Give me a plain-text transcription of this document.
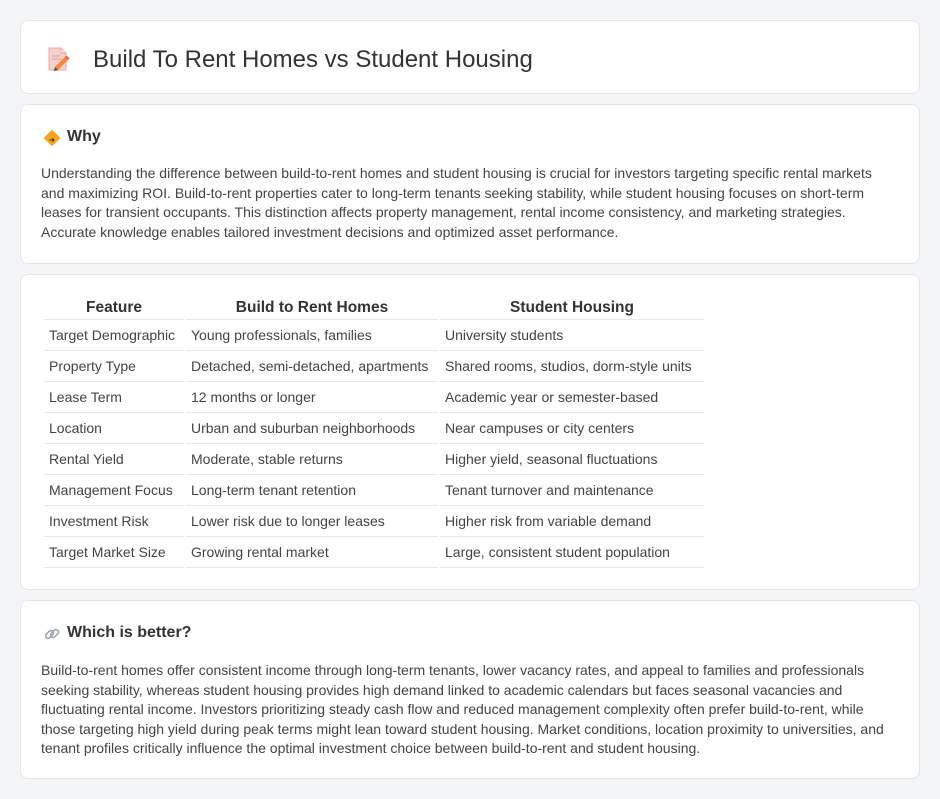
Build To Rent Homes vs Student Housing
Why

Understanding the difference between build-to-rent homes and student housing is crucial for investors targeting specific rental markets and maximizing ROI. Build-to-rent properties cater to long-term tenants seeking stability, while student housing focuses on short-term leases for transient occupants. This distinction affects property management, rental income consistency, and marketing strategies. Accurate knowledge enables tailored investment decisions and optimized asset performance.

Feature	Build to Rent Homes	Student Housing
Target Demographic	Young professionals, families	University students
Property Type	Detached, semi-detached, apartments	Shared rooms, studios, dorm-style units
Lease Term	12 months or longer	Academic year or semester-based
Location	Urban and suburban neighborhoods	Near campuses or city centers
Rental Yield	Moderate, stable returns	Higher yield, seasonal fluctuations
Management Focus	Long-term tenant retention	Tenant turnover and maintenance
Investment Risk	Lower risk due to longer leases	Higher risk from variable demand
Target Market Size	Growing rental market	Large, consistent student population
Which is better?

Build-to-rent homes offer consistent income through long-term tenants, lower vacancy rates, and appeal to families and professionals seeking stability, whereas student housing provides high demand linked to academic calendars but faces seasonal vacancies and fluctuating rental income. Investors prioritizing steady cash flow and reduced management complexity often prefer build-to-rent, while those targeting high yield during peak terms might lean toward student housing. Market conditions, location proximity to universities, and tenant profiles critically influence the optimal investment choice between build-to-rent and student housing.
